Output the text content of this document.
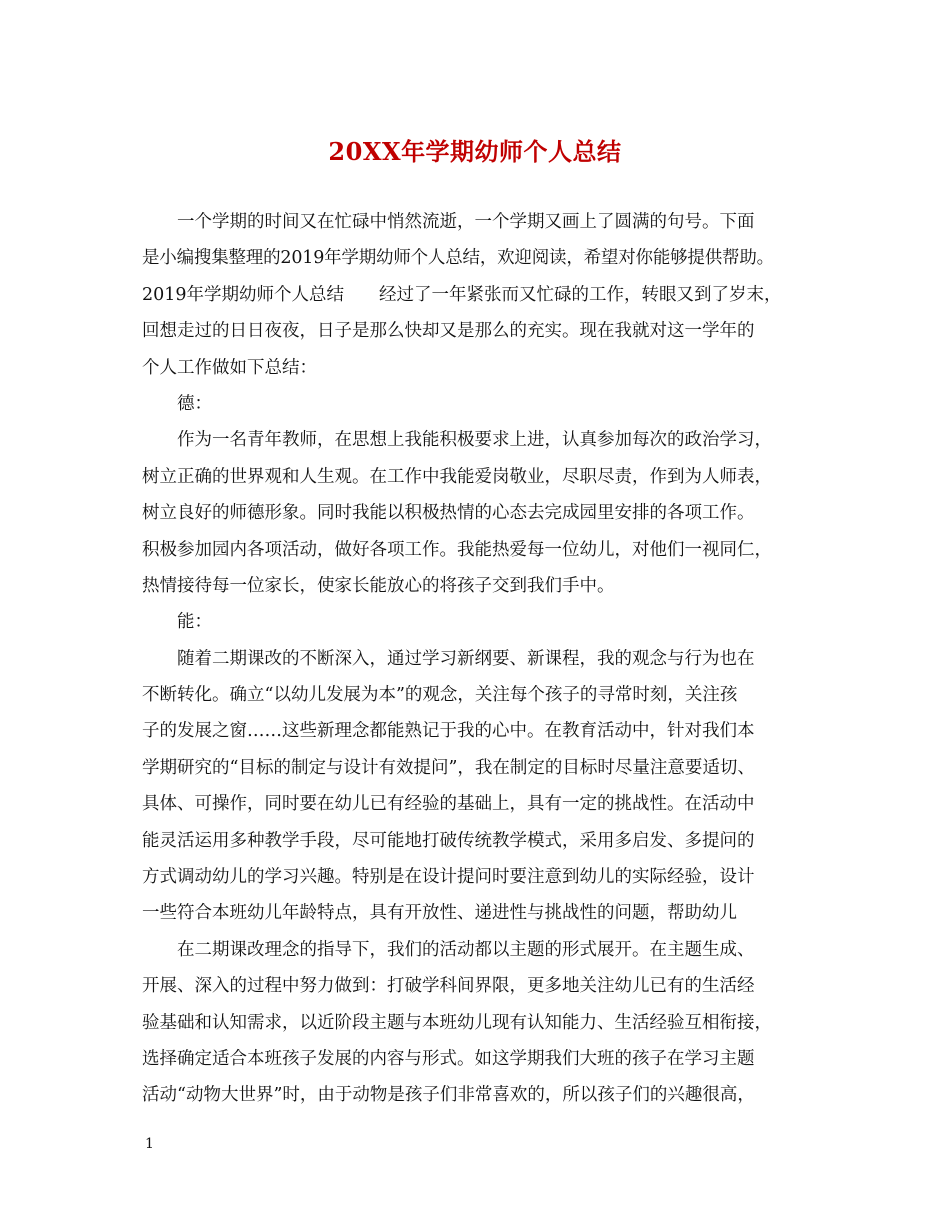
20XX年学期幼师个人总结
一个学期的时间又在忙碌中悄然流逝，一个学期又画上了圆满的句号。下面
是小编搜集整理的2019年学期幼师个人总结，欢迎阅读，希望对你能够提供帮助。
2019年学期幼师个人总结　　经过了一年紧张而又忙碌的工作，转眼又到了岁末，
回想走过的日日夜夜，日子是那么快却又是那么的充实。现在我就对这一学年的
个人工作做如下总结：
德：
作为一名青年教师，在思想上我能积极要求上进，认真参加每次的政治学习，
树立正确的世界观和人生观。在工作中我能爱岗敬业，尽职尽责，作到为人师表，
树立良好的师德形象。同时我能以积极热情的心态去完成园里安排的各项工作。
积极参加园内各项活动，做好各项工作。我能热爱每一位幼儿，对他们一视同仁，
热情接待每一位家长，使家长能放心的将孩子交到我们手中。
能：
随着二期课改的不断深入，通过学习新纲要、新课程，我的观念与行为也在
不断转化。确立“以幼儿发展为本”的观念，关注每个孩子的寻常时刻，关注孩
子的发展之窗……这些新理念都能熟记于我的心中。在教育活动中，针对我们本
学期研究的“目标的制定与设计有效提问”，我在制定的目标时尽量注意要适切、
具体、可操作，同时要在幼儿已有经验的基础上，具有一定的挑战性。在活动中
能灵活运用多种教学手段，尽可能地打破传统教学模式，采用多启发、多提问的
方式调动幼儿的学习兴趣。特别是在设计提问时要注意到幼儿的实际经验，设计
一些符合本班幼儿年龄特点，具有开放性、递进性与挑战性的问题，帮助幼儿
在二期课改理念的指导下，我们的活动都以主题的形式展开。在主题生成、
开展、深入的过程中努力做到：打破学科间界限，更多地关注幼儿已有的生活经
验基础和认知需求，以近阶段主题与本班幼儿现有认知能力、生活经验互相衔接，
选择确定适合本班孩子发展的内容与形式。如这学期我们大班的孩子在学习主题
活动“动物大世界”时，由于动物是孩子们非常喜欢的，所以孩子们的兴趣很高，
1
